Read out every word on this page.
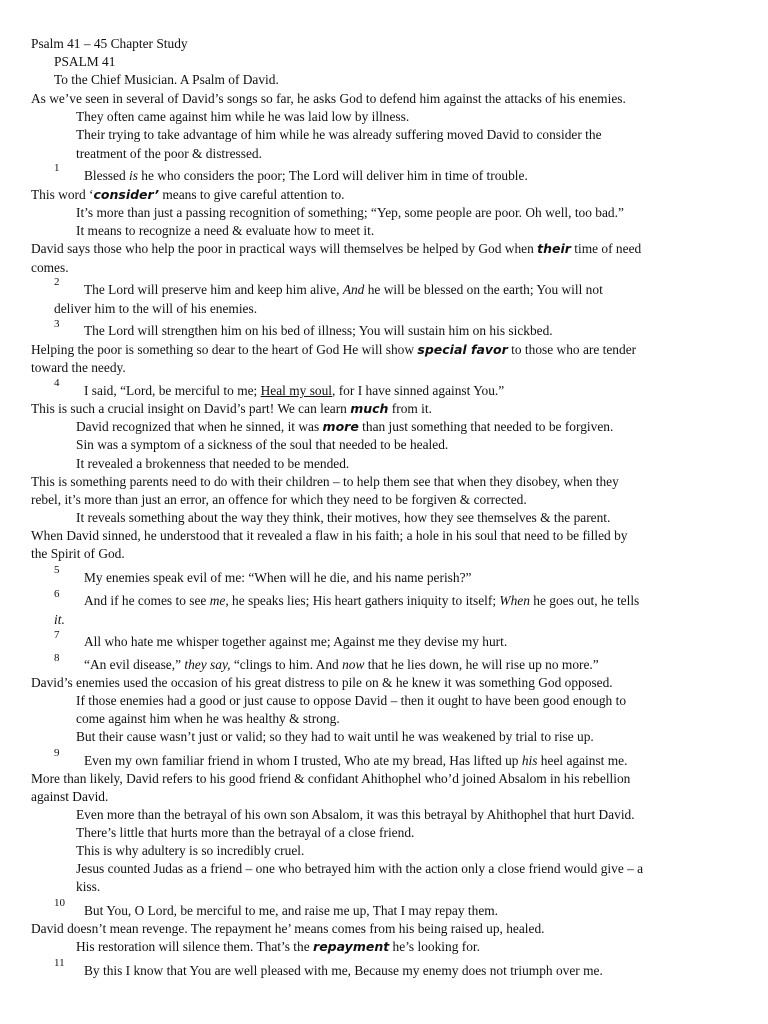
Psalm 41 – 45 Chapter Study
PSALM 41
To the Chief Musician. A Psalm of David.
As we’ve seen in several of David’s songs so far, he asks God to defend him against the attacks of his enemies.
They often came against him while he was laid low by illness.
Their trying to take advantage of him while he was already suffering moved David to consider the
treatment of the poor & distressed.
1 Blessed is he who considers the poor; The Lord will deliver him in time of trouble.
This word ‘consider’ means to give careful attention to.
It’s more than just a passing recognition of something; “Yep, some people are poor. Oh well, too bad.”
It means to recognize a need & evaluate how to meet it.
David says those who help the poor in practical ways will themselves be helped by God when their time of need
comes.
2 The Lord will preserve him and keep him alive, And he will be blessed on the earth; You will not
deliver him to the will of his enemies.
3 The Lord will strengthen him on his bed of illness; You will sustain him on his sickbed.
Helping the poor is something so dear to the heart of God He will show special favor to those who are tender
toward the needy.
4 I said, “Lord, be merciful to me; Heal my soul, for I have sinned against You.”
This is such a crucial insight on David’s part! We can learn much from it.
David recognized that when he sinned, it was more than just something that needed to be forgiven.
Sin was a symptom of a sickness of the soul that needed to be healed.
It revealed a brokenness that needed to be mended.
This is something parents need to do with their children – to help them see that when they disobey, when they
rebel, it’s more than just an error, an offence for which they need to be forgiven & corrected.
It reveals something about the way they think, their motives, how they see themselves & the parent.
When David sinned, he understood that it revealed a flaw in his faith; a hole in his soul that need to be filled by
the Spirit of God.
5 My enemies speak evil of me: “When will he die, and his name perish?”
6 And if he comes to see me, he speaks lies; His heart gathers iniquity to itself; When he goes out, he tells
it.
7 All who hate me whisper together against me; Against me they devise my hurt.
8 “An evil disease,” they say, “clings to him. And now that he lies down, he will rise up no more.”
David’s enemies used the occasion of his great distress to pile on & he knew it was something God opposed.
If those enemies had a good or just cause to oppose David – then it ought to have been good enough to
come against him when he was healthy & strong.
But their cause wasn’t just or valid; so they had to wait until he was weakened by trial to rise up.
9 Even my own familiar friend in whom I trusted, Who ate my bread, Has lifted up his heel against me.
More than likely, David refers to his good friend & confidant Ahithophel who’d joined Absalom in his rebellion
against David.
Even more than the betrayal of his own son Absalom, it was this betrayal by Ahithophel that hurt David.
There’s little that hurts more than the betrayal of a close friend.
This is why adultery is so incredibly cruel.
Jesus counted Judas as a friend – one who betrayed him with the action only a close friend would give – a
kiss.
10 But You, O Lord, be merciful to me, and raise me up, That I may repay them.
David doesn’t mean revenge. The repayment he’ means comes from his being raised up, healed.
His restoration will silence them. That’s the repayment he’s looking for.
11 By this I know that You are well pleased with me, Because my enemy does not triumph over me.
